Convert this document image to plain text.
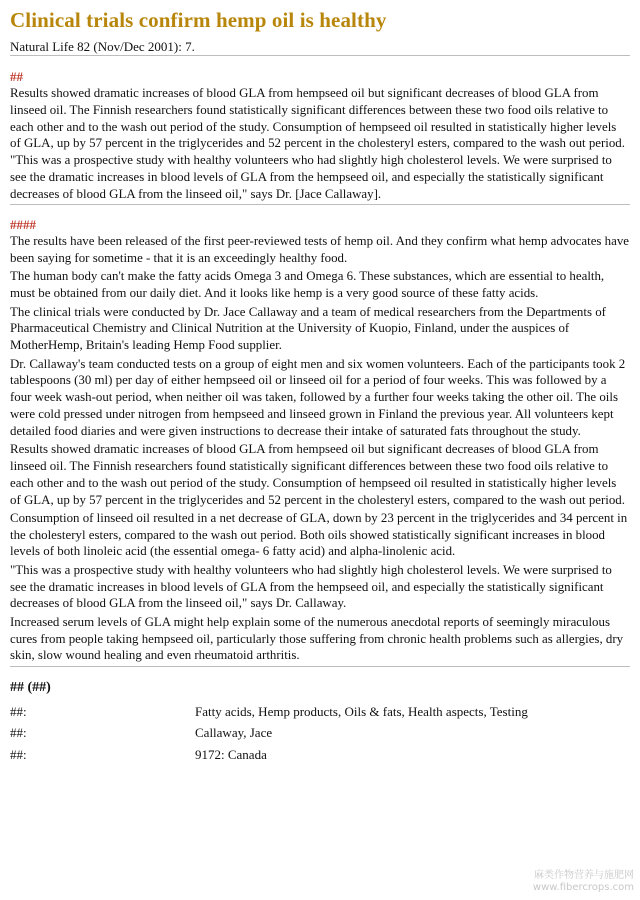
Clinical trials confirm hemp oil is healthy

Natural Life 82 (Nov/Dec 2001): 7.

##

Results showed dramatic increases of blood GLA from hempseed oil but significant decreases of blood GLA from linseed oil. The Finnish researchers found statistically significant differences between these two food oils relative to each other and to the wash out period of the study. Consumption of hempseed oil resulted in statistically higher levels of GLA, up by 57 percent in the triglycerides and 52 percent in the cholesteryl esters, compared to the wash out period. "This was a prospective study with healthy volunteers who had slightly high cholesterol levels. We were surprised to see the dramatic increases in blood levels of GLA from the hempseed oil, and especially the statistically significant decreases of blood GLA from the linseed oil," says Dr. [Jace Callaway].

####

The results have been released of the first peer-reviewed tests of hemp oil. And they confirm what hemp advocates have been saying for sometime - that it is an exceedingly healthy food.

The human body can't make the fatty acids Omega 3 and Omega 6. These substances, which are essential to health, must be obtained from our daily diet. And it looks like hemp is a very good source of these fatty acids.

The clinical trials were conducted by Dr. Jace Callaway and a team of medical researchers from the Departments of Pharmaceutical Chemistry and Clinical Nutrition at the University of Kuopio, Finland, under the auspices of MotherHemp, Britain's leading Hemp Food supplier.

Dr. Callaway's team conducted tests on a group of eight men and six women volunteers. Each of the participants took 2 tablespoons (30 ml) per day of either hempseed oil or linseed oil for a period of four weeks. This was followed by a four week wash-out period, when neither oil was taken, followed by a further four weeks taking the other oil. The oils were cold pressed under nitrogen from hempseed and linseed grown in Finland the previous year. All volunteers kept detailed food diaries and were given instructions to decrease their intake of saturated fats throughout the study.

Results showed dramatic increases of blood GLA from hempseed oil but significant decreases of blood GLA from linseed oil. The Finnish researchers found statistically significant differences between these two food oils relative to each other and to the wash out period of the study. Consumption of hempseed oil resulted in statistically higher levels of GLA, up by 57 percent in the triglycerides and 52 percent in the cholesteryl esters, compared to the wash out period.

Consumption of linseed oil resulted in a net decrease of GLA, down by 23 percent in the triglycerides and 34 percent in the cholesteryl esters, compared to the wash out period. Both oils showed statistically significant increases in blood levels of both linoleic acid (the essential omega- 6 fatty acid) and alpha-linolenic acid.

"This was a prospective study with healthy volunteers who had slightly high cholesterol levels. We were surprised to see the dramatic increases in blood levels of GLA from the hempseed oil, and especially the statistically significant decreases of blood GLA from the linseed oil," says Dr. Callaway.

Increased serum levels of GLA might help explain some of the numerous anecdotal reports of seemingly miraculous cures from people taking hempseed oil, particularly those suffering from chronic health problems such as allergies, dry skin, slow wound healing and even rheumatoid arthritis.

## (##)
##:	Fatty acids, Hemp products, Oils & fats, Health aspects, Testing
##:	Callaway, Jace
##:	9172: Canada
麻类作物营养与施肥网
www.fibercrops.com
